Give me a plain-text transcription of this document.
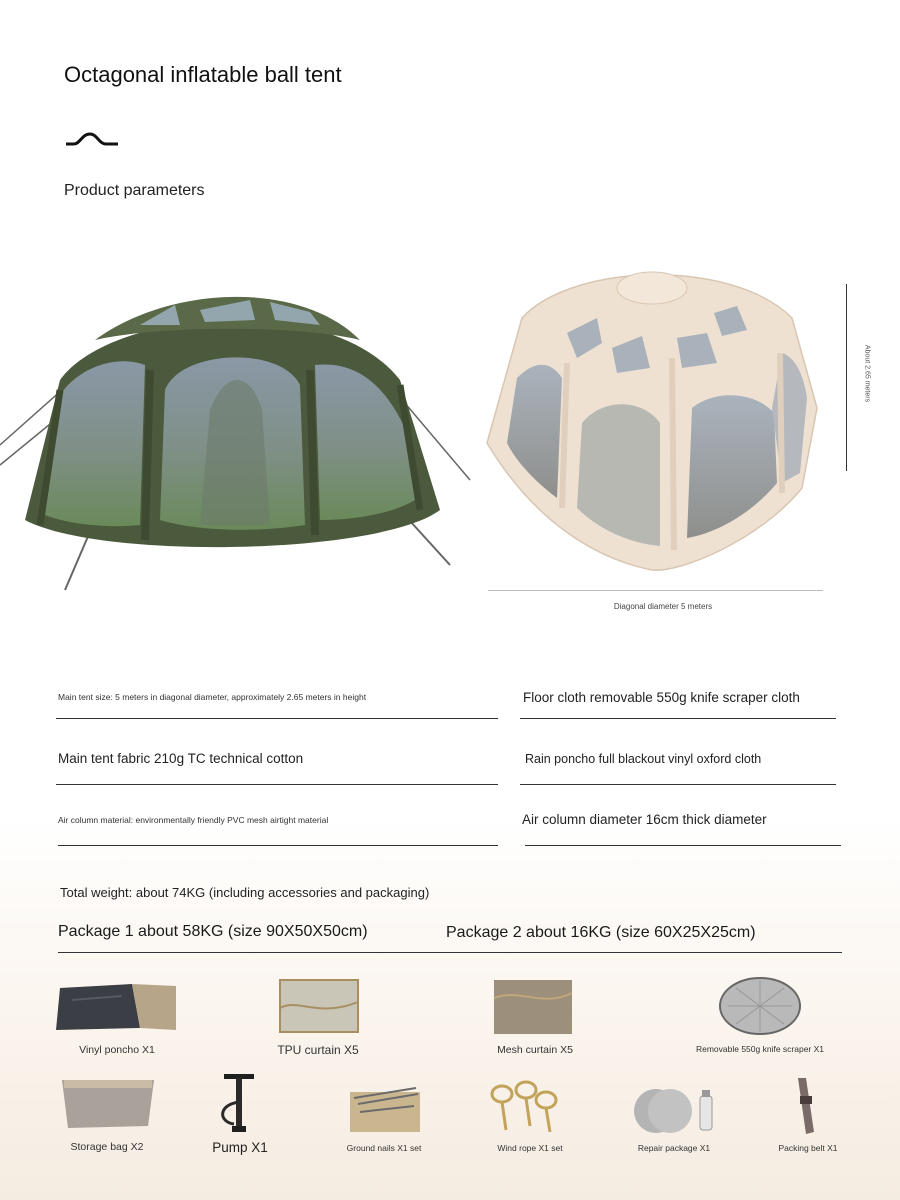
Octagonal inflatable ball tent
Product parameters
About 2.65 meters
Diagonal diameter 5 meters
Main tent size: 5 meters in diagonal diameter, approximately 2.65 meters in height	Floor cloth removable 550g knife scraper cloth
Main tent fabric 210g TC technical cotton	Rain poncho full blackout vinyl oxford cloth
Air column material: environmentally friendly PVC mesh airtight material	Air column diameter 16cm thick diameter
Total weight: about 74KG (including accessories and packaging)
Package 1 about 58KG (size 90X50X50cm)	Package 2 about 16KG (size 60X25X25cm)
Vinyl poncho X1	TPU curtain X5	Mesh curtain X5	Removable 550g knife scraper X1
Storage bag X2	Pump X1	Ground nails X1 set	Wind rope X1 set	Repair package X1	Packing belt X1
